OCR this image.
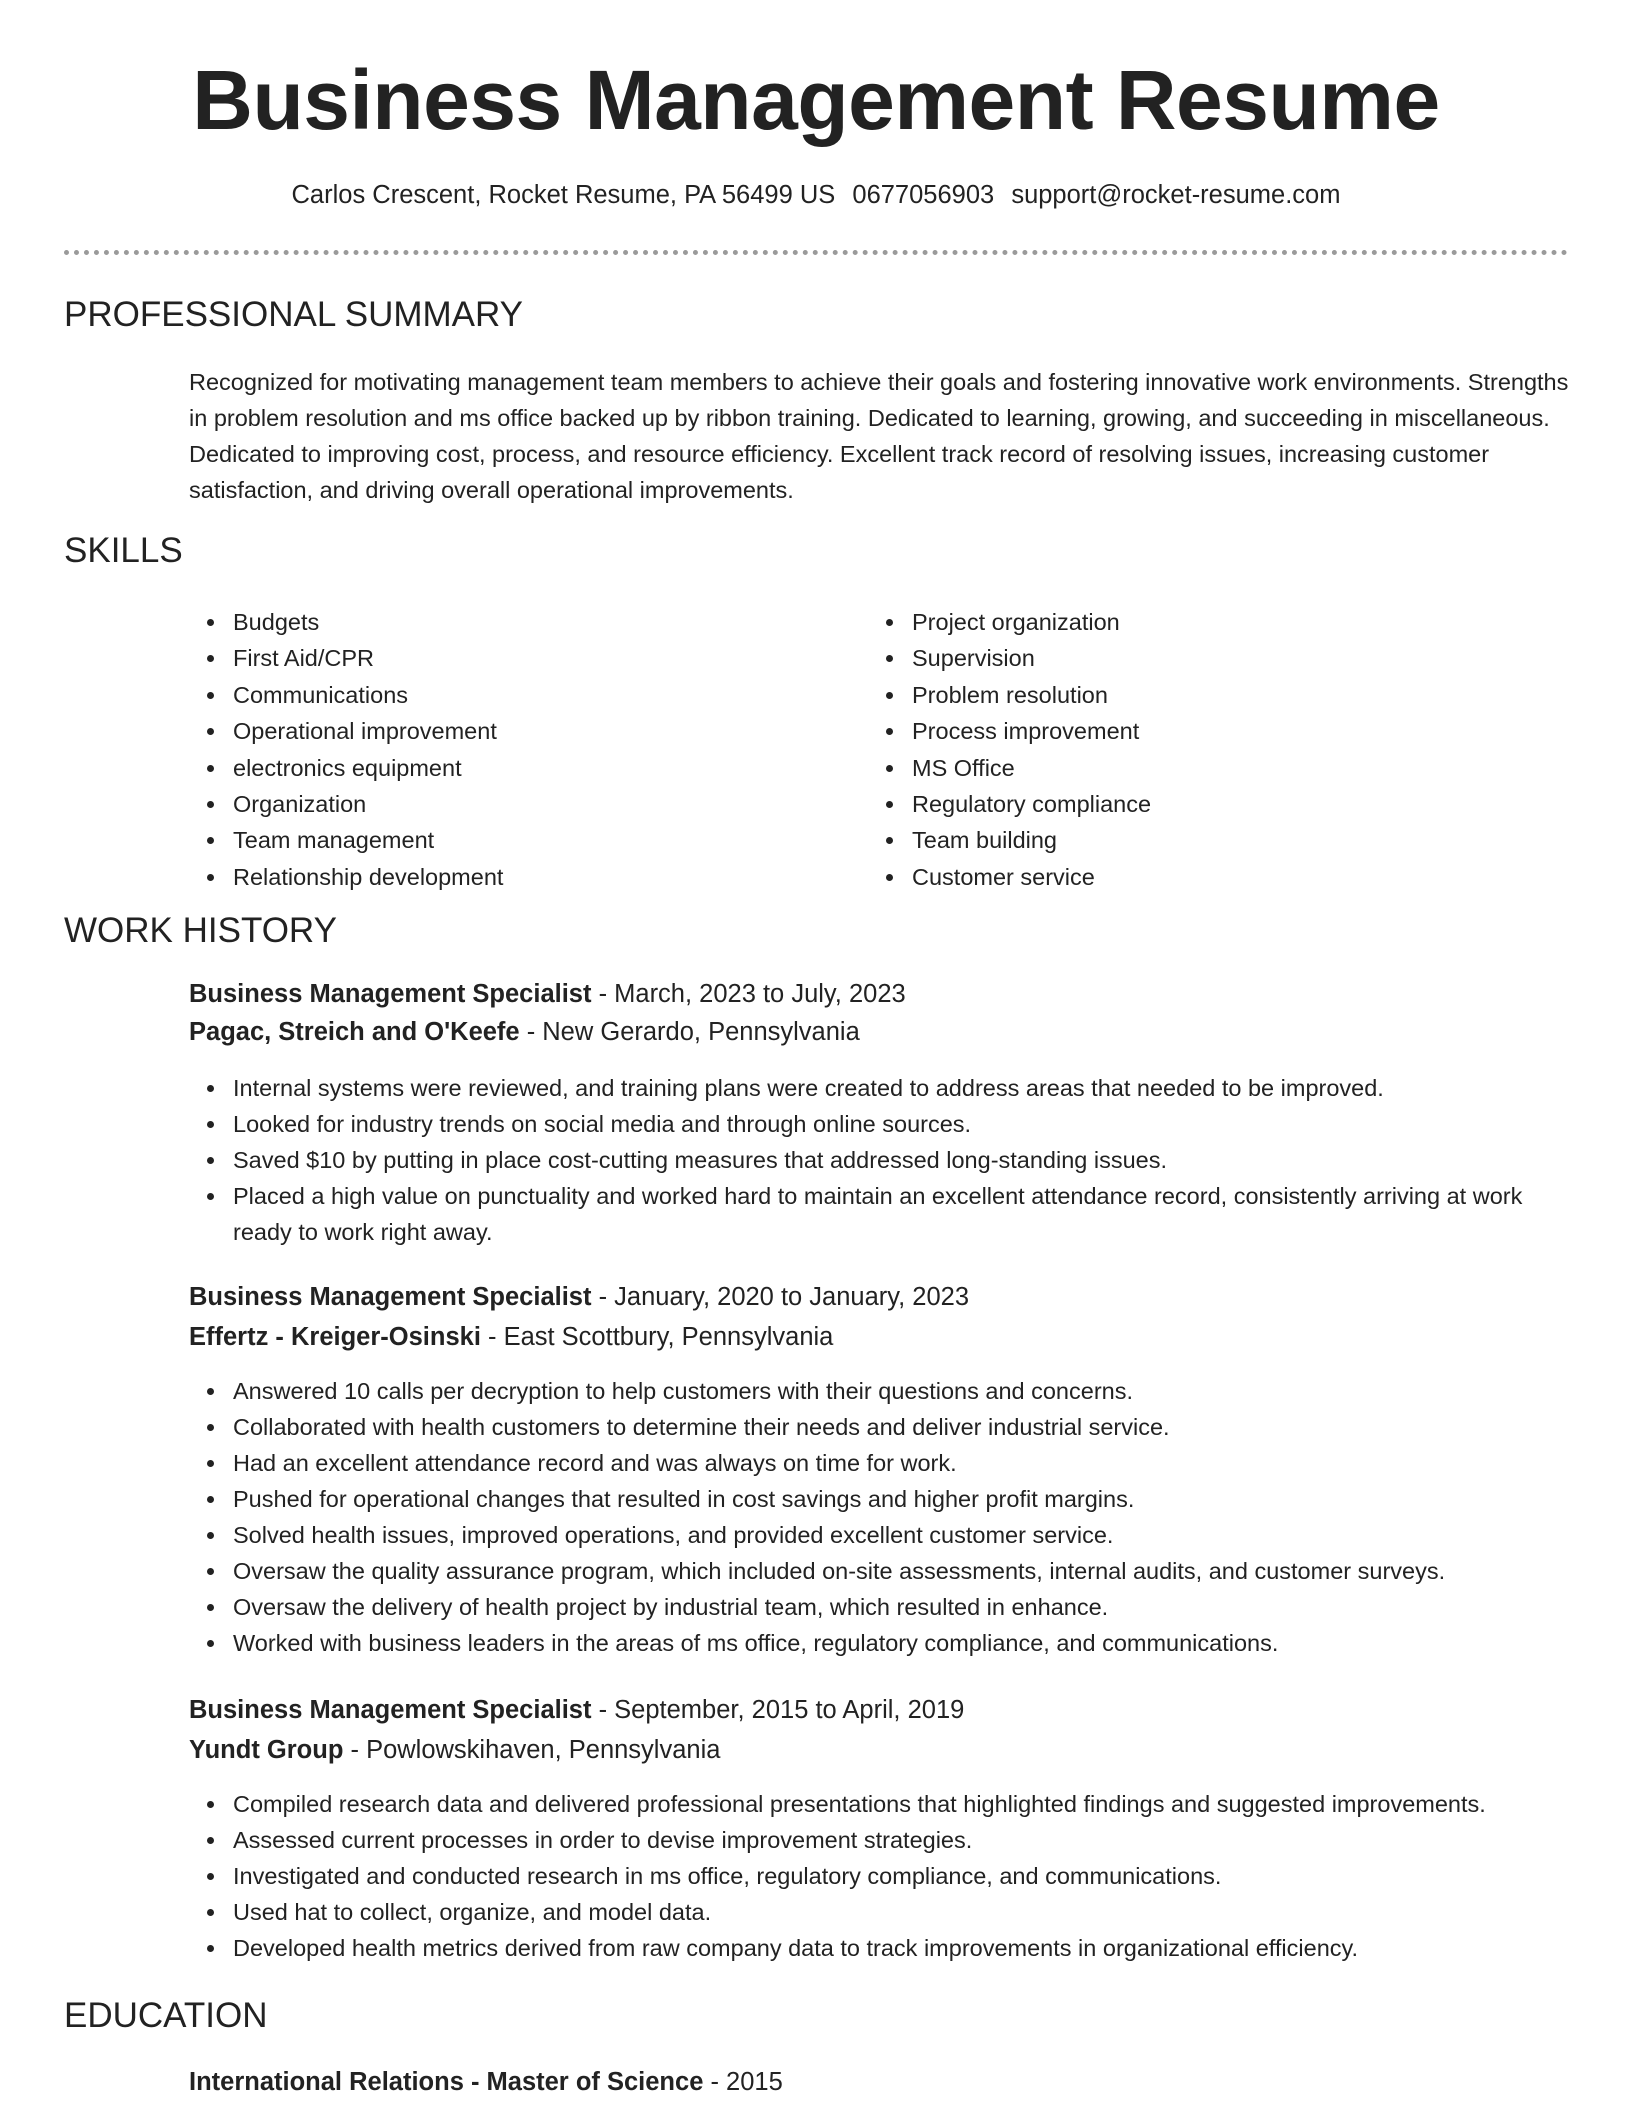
Business Management Resume
Carlos Crescent, Rocket Resume, PA 56499 US 0677056903 support@rocket-resume.com
PROFESSIONAL SUMMARY

Recognized for motivating management team members to achieve their goals and fostering innovative work environments. Strengths in problem resolution and ms office backed up by ribbon training. Dedicated to learning, growing, and succeeding in miscellaneous. Dedicated to improving cost, process, and resource efficiency. Excellent track record of resolving issues, increasing customer satisfaction, and driving overall operational improvements.

SKILLS
Budgets
First Aid/CPR
Communications
Operational improvement
electronics equipment
Organization
Team management
Relationship development
Project organization
Supervision
Problem resolution
Process improvement
MS Office
Regulatory compliance
Team building
Customer service
WORK HISTORY

Business Management Specialist - March, 2023 to July, 2023

Pagac, Streich and O'Keefe - New Gerardo, Pennsylvania

Internal systems were reviewed, and training plans were created to address areas that needed to be improved.
Looked for industry trends on social media and through online sources.
Saved $10 by putting in place cost-cutting measures that addressed long-standing issues.
Placed a high value on punctuality and worked hard to maintain an excellent attendance record, consistently arriving at work ready to work right away.

Business Management Specialist - January, 2020 to January, 2023

Effertz - Kreiger-Osinski - East Scottbury, Pennsylvania

Answered 10 calls per decryption to help customers with their questions and concerns.
Collaborated with health customers to determine their needs and deliver industrial service.
Had an excellent attendance record and was always on time for work.
Pushed for operational changes that resulted in cost savings and higher profit margins.
Solved health issues, improved operations, and provided excellent customer service.
Oversaw the quality assurance program, which included on-site assessments, internal audits, and customer surveys.
Oversaw the delivery of health project by industrial team, which resulted in enhance.
Worked with business leaders in the areas of ms office, regulatory compliance, and communications.

Business Management Specialist - September, 2015 to April, 2019

Yundt Group - Powlowskihaven, Pennsylvania

Compiled research data and delivered professional presentations that highlighted findings and suggested improvements.
Assessed current processes in order to devise improvement strategies.
Investigated and conducted research in ms office, regulatory compliance, and communications.
Used hat to collect, organize, and model data.
Developed health metrics derived from raw company data to track improvements in organizational efficiency.
EDUCATION

International Relations - Master of Science - 2015
